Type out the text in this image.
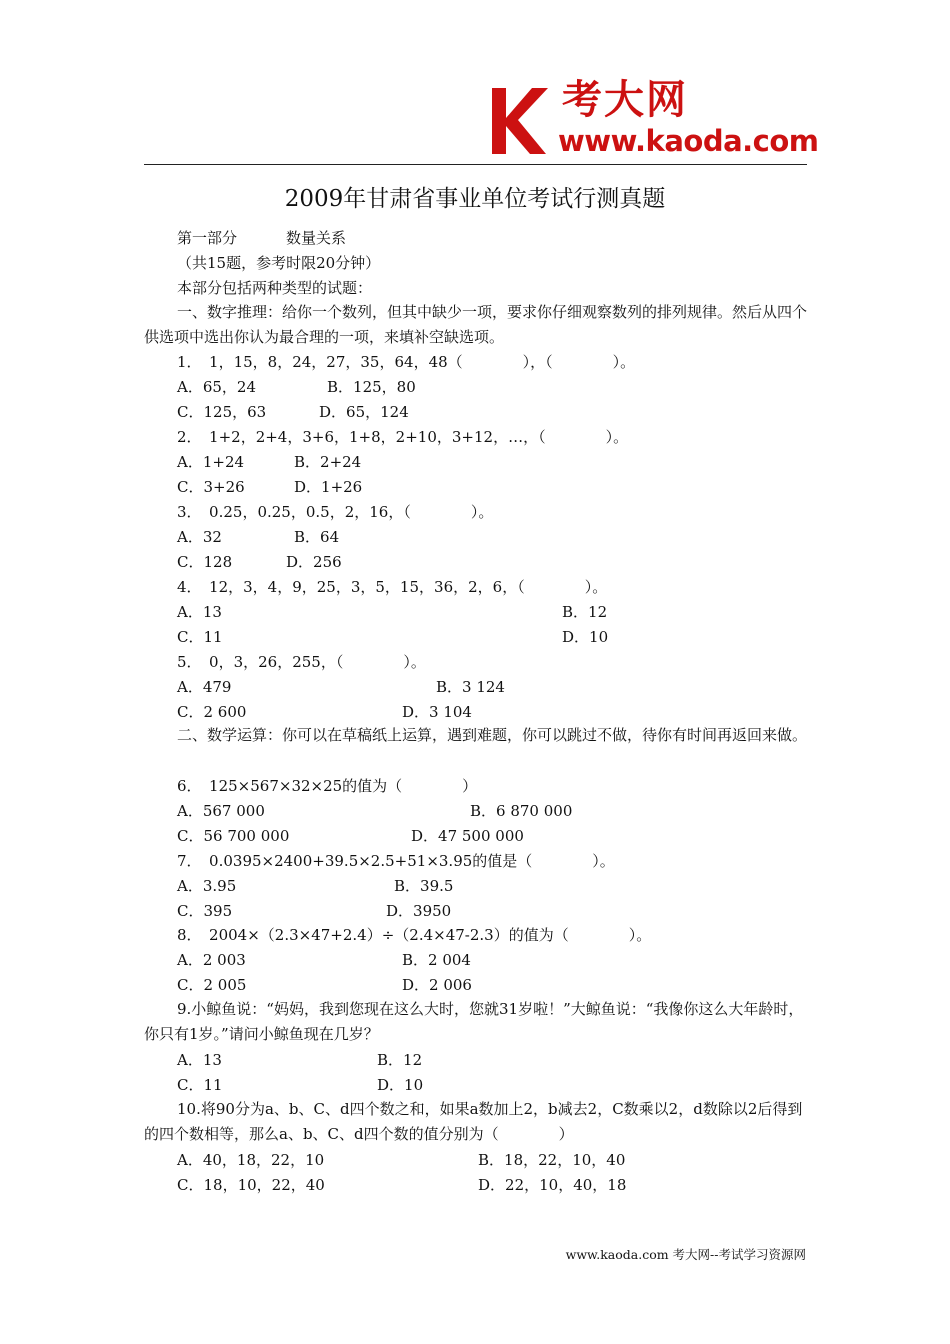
考大网
www.kaoda.com
2009年甘肃省事业单位考试行测真题
第一部分	数量关系
（共15题，参考时限20分钟）
本部分包括两种类型的试题：
一、数字推理：给你一个数列，但其中缺少一项，要求你仔细观察数列的排列规律。然后从四个供选项中选出你认为最合理的一项，来填补空缺选项。
1．　1，15，8，24，27，35，64，48（　　　　），（　　　　）。
A．65，24	B．125，80
C．125，63	D．65，124
2．　1+2，2+4，3+6，1+8，2+10，3+12，…，（　　　　）。
A．1+24	B．2+24
C．3+26	D．1+26
3．　0.25，0.25，0.5，2，16，（　　　　）。
A．32	B．64
C．128	D．256
4．　12，3，4，9，25，3，5，15，36，2，6，（　　　　）。
A．13	B．12
C．11	D．10
5．　0，3，26，255，（　　　　）。
A．479	B．3 124
C．2 600	D．3 104
二、数学运算：你可以在草稿纸上运算，遇到难题，你可以跳过不做，待你有时间再返回来做。
6．　125×567×32×25的值为（　　　　）
A．567 000	B．6 870 000
C．56 700 000	D．47 500 000
7．　0.0395×2400+39.5×2.5+51×3.95的值是（　　　　）。
A．3.95	B．39.5
C．395	D．3950
8．　2004×（2.3×47+2.4）÷（2.4×47-2.3）的值为（　　　　）。
A．2 003	B．2 004
C．2 005	D．2 006
9.小鲸鱼说：“妈妈，我到您现在这么大时，您就31岁啦！”大鲸鱼说：“我像你这么大年龄时，你只有1岁。”请问小鲸鱼现在几岁？
A．13	B．12
C．11	D．10
10.将90分为a、b、C、d四个数之和，如果a数加上2，b减去2，C数乘以2，d数除以2后得到的四个数相等，那么a、b、C、d四个数的值分别为（　　　　）
A．40，18，22，10	B．18，22，10，40
C．18，10，22，40	D．22，10，40，18
www.kaoda.com 考大网--考试学习资源网
